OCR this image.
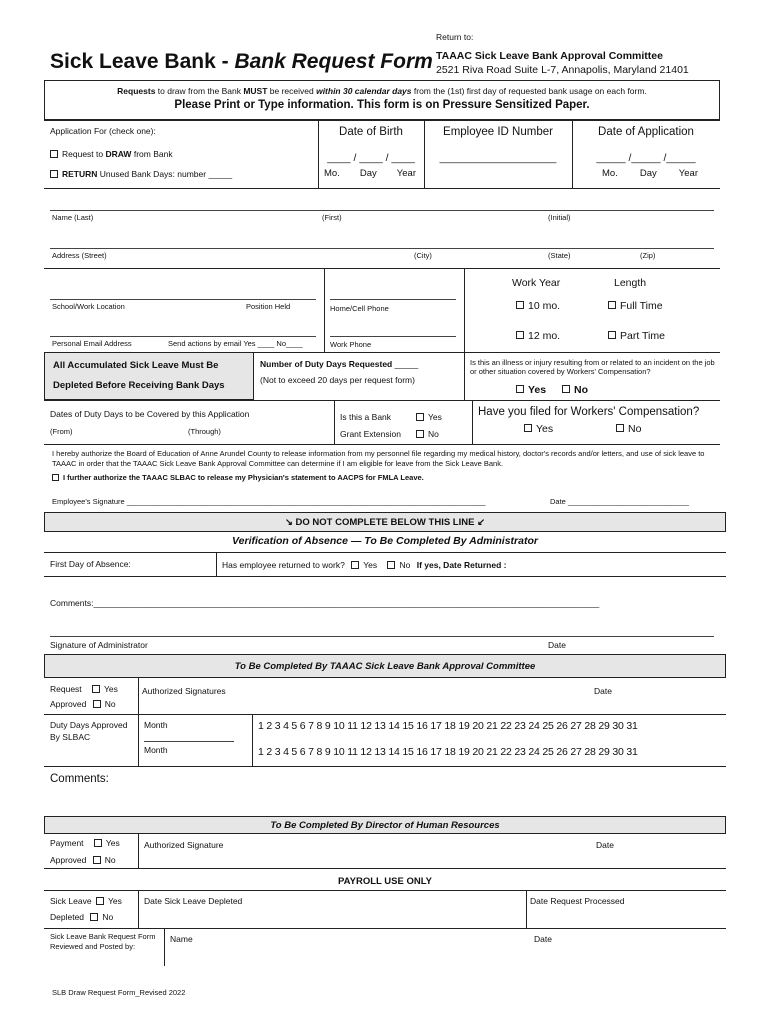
Sick Leave Bank - Bank Request Form
Return to:
TAAAC Sick Leave Bank Approval Committee
2521 Riva Road Suite L-7, Annapolis, Maryland 21401
Requests to draw from the Bank MUST be received within 30 calendar days from the (1st) first day of requested bank usage on each form.
Please Print or Type information. This form is on Pressure Sensitized Paper.
Application For (check one):
Request to DRAW from Bank
RETURN Unused Bank Days: number _____
Date of Birth
____ / ____ / ____
Mo. Day Year
Employee ID Number
____________________
Date of Application
_____ /_____ /_____
Mo. Day Year
Name (Last)	(First)	(Initial)
Address (Street)	(City)	(State)	(Zip)
School/Work Location	Position Held	Home/Cell Phone
Personal Email Address	Send actions by email Yes ____ No____	Work Phone
Work Year	Length
10 mo.	Full Time
12 mo.	Part Time
All Accumulated Sick Leave Must Be
Depleted Before Receiving Bank Days
Number of Duty Days Requested _____
(Not to exceed 20 days per request form)
Is this an illness or injury resulting from or related to an incident on the job or other situation covered by Workers' Compensation?
Yes	No
Dates of Duty Days to be Covered by this Application
(From)	(Through)
Is this a Bank	Yes
Grant Extension	No
Have you filed for Workers' Compensation?
Yes	No
I hereby authorize the Board of Education of Anne Arundel County to release information from my personnel file regarding my medical history, doctor's records and/or letters, and use of sick leave to TAAAC in order that the TAAAC Sick Leave Bank Approval Committee can determine if I am eligible for leave from the Sick Leave Bank.
I further authorize the TAAAC SLBAC to release my Physician's statement to AACPS for FMLA Leave.
Employee's Signature ______________________________________________________________________________________	Date _____________________________
↘ DO NOT COMPLETE BELOW THIS LINE ↙
Verification of Absence — To Be Completed By Administrator
First Day of Absence:	Has employee returned to work? Yes	No If yes, Date Returned :
Comments:___________________________________________________________________________________________________________
Signature of Administrator	Date
To Be Completed By TAAAC Sick Leave Bank Approval Committee
Request	Yes
Approved No
Authorized Signatures	Date
Duty Days Approved
By SLBAC
Month
Month
1 2 3 4 5 6 7 8 9 10 11 12 13 14 15 16 17 18 19 20 21 22 23 24 25 26 27 28 29 30 31
1 2 3 4 5 6 7 8 9 10 11 12 13 14 15 16 17 18 19 20 21 22 23 24 25 26 27 28 29 30 31
Comments:
To Be Completed By Director of Human Resources
Payment	Yes
Approved No
Authorized Signature	Date
PAYROLL USE ONLY
Sick Leave Yes
Depleted No
Date Sick Leave Depleted	Date Request Processed
Sick Leave Bank Request Form Reviewed and Posted by:
Name	Date
SLB Draw Request Form_Revised 2022
